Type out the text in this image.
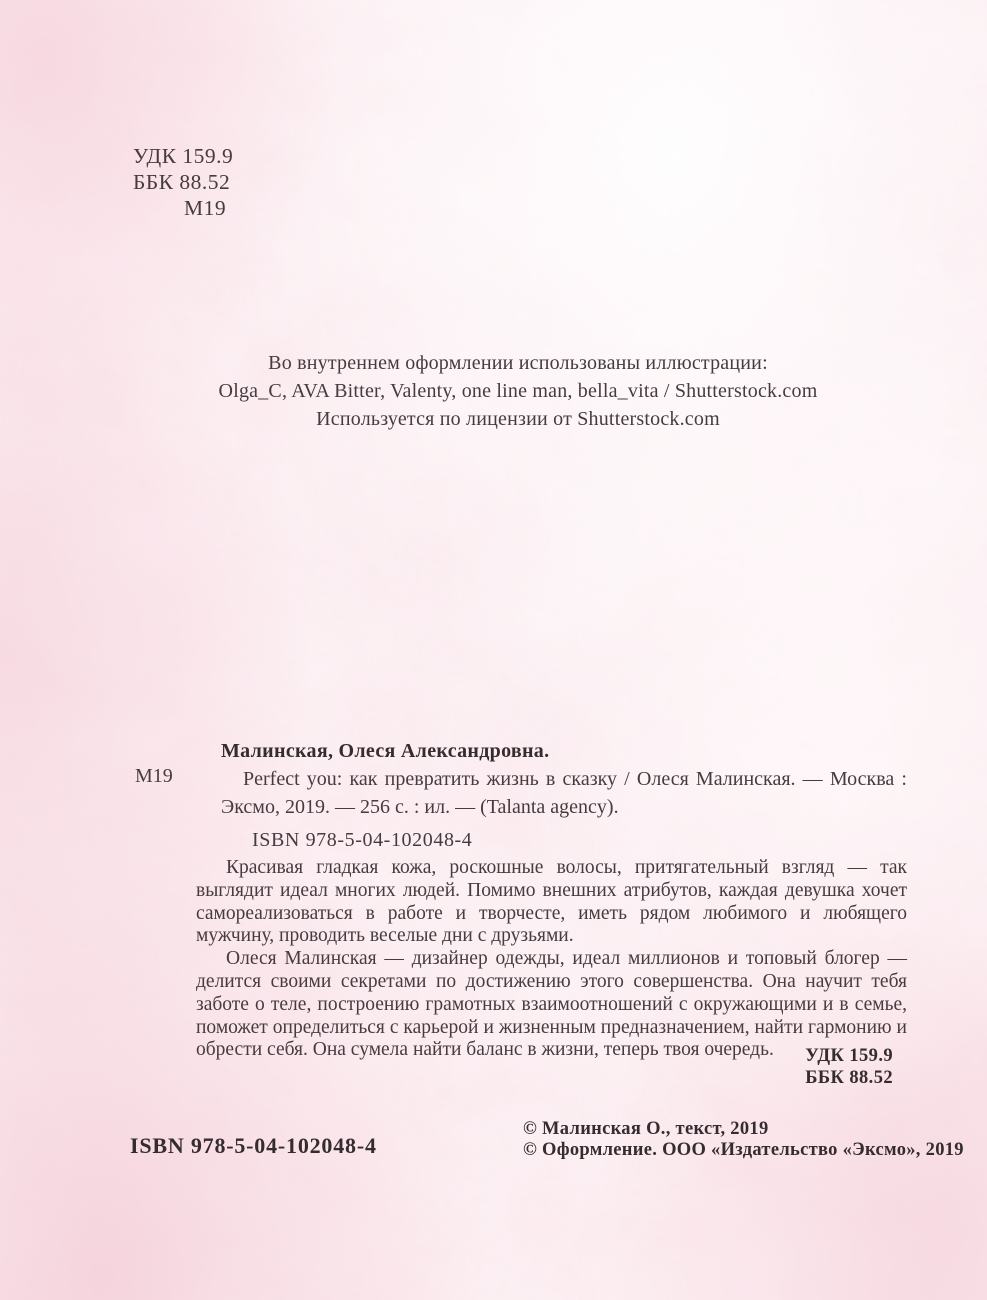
УДК 159.9
ББК 88.52
М19
Во внутреннем оформлении использованы иллюстрации:
Olga_C, AVA Bitter, Valenty, one line man, bella_vita / Shutterstock.com
Используется по лицензии от Shutterstock.com
М19
Малинская, Олеся Александровна.

Perfect you: как превратить жизнь в сказку / Олеся Малинская. — Москва : Эксмо, 2019. — 256 с. : ил. — (Talanta agency).

ISBN 978-5-04-102048-4

Красивая гладкая кожа, роскошные волосы, притягательный взгляд — так выглядит идеал многих людей. Помимо внешних атрибутов, каждая девушка хочет самореализоваться в работе и творчесте, иметь рядом любимого и любящего мужчину, проводить веселые дни с друзьями.

Олеся Малинская — дизайнер одежды, идеал миллионов и топовый блогер — делится своими секретами по достижению этого совершенства. Она научит тебя заботе о теле, построению грамотных взаимоотношений с окружающими и в семье, поможет определиться с карьерой и жизненным предназначением, найти гармонию и обрести себя. Она сумела найти баланс в жизни, теперь твоя очередь.	УДК 159.9
ББК 88.52
ISBN 978-5-04-102048-4
© Малинская О., текст, 2019
© Оформление. ООО «Издательство «Эксмо», 2019
